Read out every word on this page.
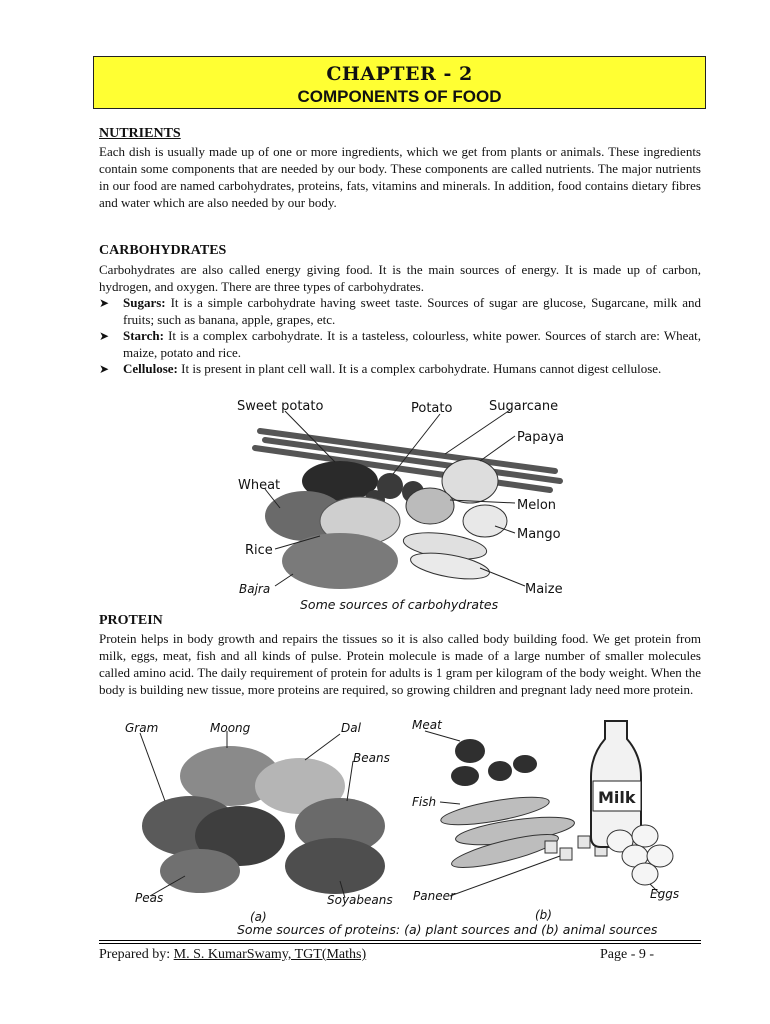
CHAPTER - 2
COMPONENTS OF FOOD
NUTRIENTS
Each dish is usually made up of one or more ingredients, which we get from plants or animals. These ingredients contain some components that are needed by our body. These components are called nutrients. The major nutrients in our food are named carbohydrates, proteins, fats, vitamins and minerals. In addition, food contains dietary fibres and water which are also needed by our body.
CARBOHYDRATES
Carbohydrates are also called energy giving food. It is the main sources of energy. It is made up of carbon, hydrogen, and oxygen. There are three types of carbohydrates.
➤ Sugars: It is a simple carbohydrate having sweet taste. Sources of sugar are glucose, Sugarcane, milk and fruits; such as banana, apple, grapes, etc.
➤ Starch: It is a complex carbohydrate. It is a tasteless, colourless, white power. Sources of starch are: Wheat, maize, potato and rice.
➤ Cellulose: It is present in plant cell wall. It is a complex carbohydrate. Humans cannot digest cellulose.
Sweet potato	Potato	Sugarcane
Papaya
Wheat
Melon
Mango
Rice
Bajra	Maize
Some sources of carbohydrates
PROTEIN
Protein helps in body growth and repairs the tissues so it is also called body building food. We get protein from milk, eggs, meat, fish and all kinds of pulse. Protein molecule is made of a large number of smaller molecules called amino acid. The daily requirement of protein for adults is 1 gram per kilogram of the body weight. When the body is building new tissue, more proteins are required, so growing children and pregnant lady need more protein.
Milk
Gram	Moong	Dal
Beans
Peas	Soyabeans
Meat
Fish
Paneer	Eggs
(a)	(b)
Some sources of proteins: (a) plant sources and (b) animal sources
Prepared by: M. S. KumarSwamy, TGT(Maths)	Page - 9 -
